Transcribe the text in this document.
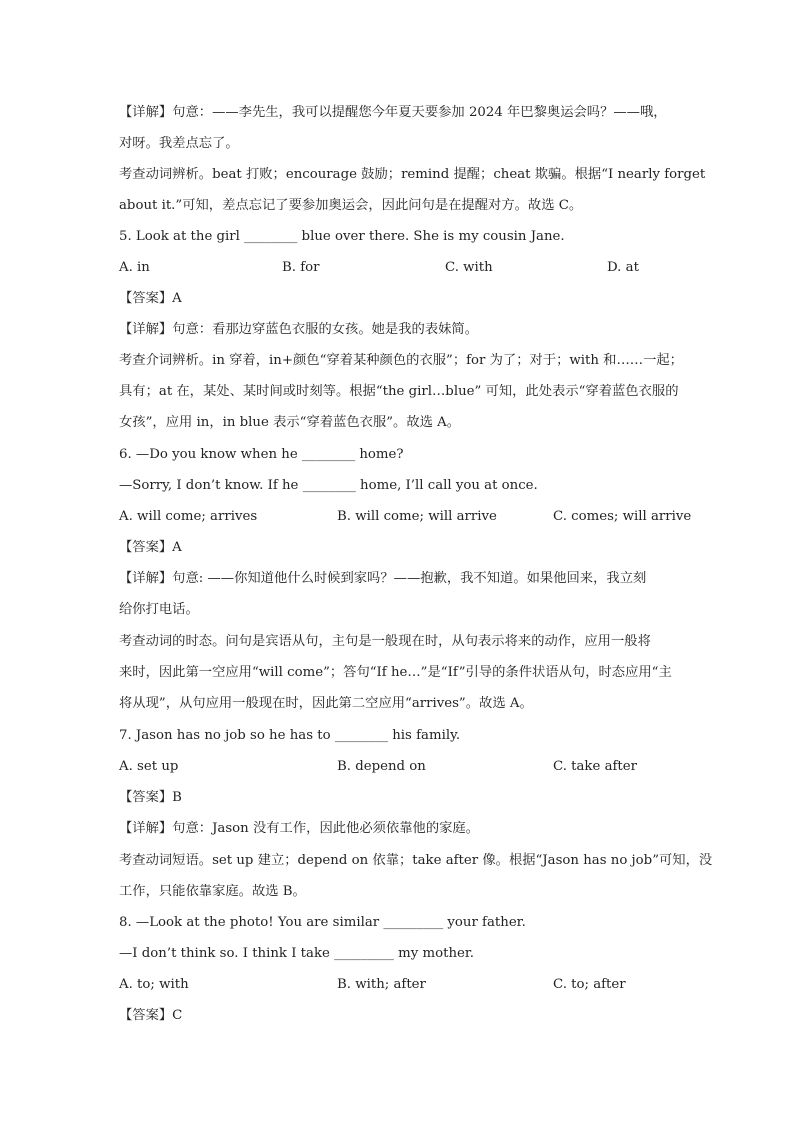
【详解】句意：——李先生，我可以提醒您今年夏天要参加 2024 年巴黎奥运会吗？——哦，
对呀。我差点忘了。
考查动词辨析。beat 打败；encourage 鼓励；remind 提醒；cheat 欺骗。根据“I nearly forget
about it.”可知，差点忘记了要参加奥运会，因此问句是在提醒对方。故选 C。
5. Look at the girl ________ blue over there. She is my cousin Jane.
A. in	B. for	C. with	D. at
【答案】A
【详解】句意：看那边穿蓝色衣服的女孩。她是我的表妹简。
考查介词辨析。in 穿着，in+颜色“穿着某种颜色的衣服”；for 为了；对于；with 和……一起；
具有；at 在，某处、某时间或时刻等。根据“the girl…blue” 可知，此处表示“穿着蓝色衣服的
女孩”，应用 in，in blue 表示“穿着蓝色衣服”。故选 A。
6. —Do you know when he ________ home?
—Sorry, I don’t know. If he ________ home, I’ll call you at once.
A. will come; arrives	B. will come; will arrive	C. comes; will arrive
【答案】A
【详解】句意: ——你知道他什么时候到家吗？——抱歉，我不知道。如果他回来，我立刻
给你打电话。
考查动词的时态。问句是宾语从句，主句是一般现在时，从句表示将来的动作，应用一般将
来时，因此第一空应用“will come”；答句“If he…”是“If”引导的条件状语从句，时态应用“主
将从现”，从句应用一般现在时，因此第二空应用“arrives”。故选 A。
7. Jason has no job so he has to ________ his family.
A. set up	B. depend on	C. take after
【答案】B
【详解】句意：Jason 没有工作，因此他必须依靠他的家庭。
考查动词短语。set up 建立；depend on 依靠；take after 像。根据“Jason has no job”可知，没
工作，只能依靠家庭。故选 B。
8. —Look at the photo! You are similar _________ your father.
—I don’t think so. I think I take _________ my mother.
A. to; with	B. with; after	C. to; after
【答案】C
